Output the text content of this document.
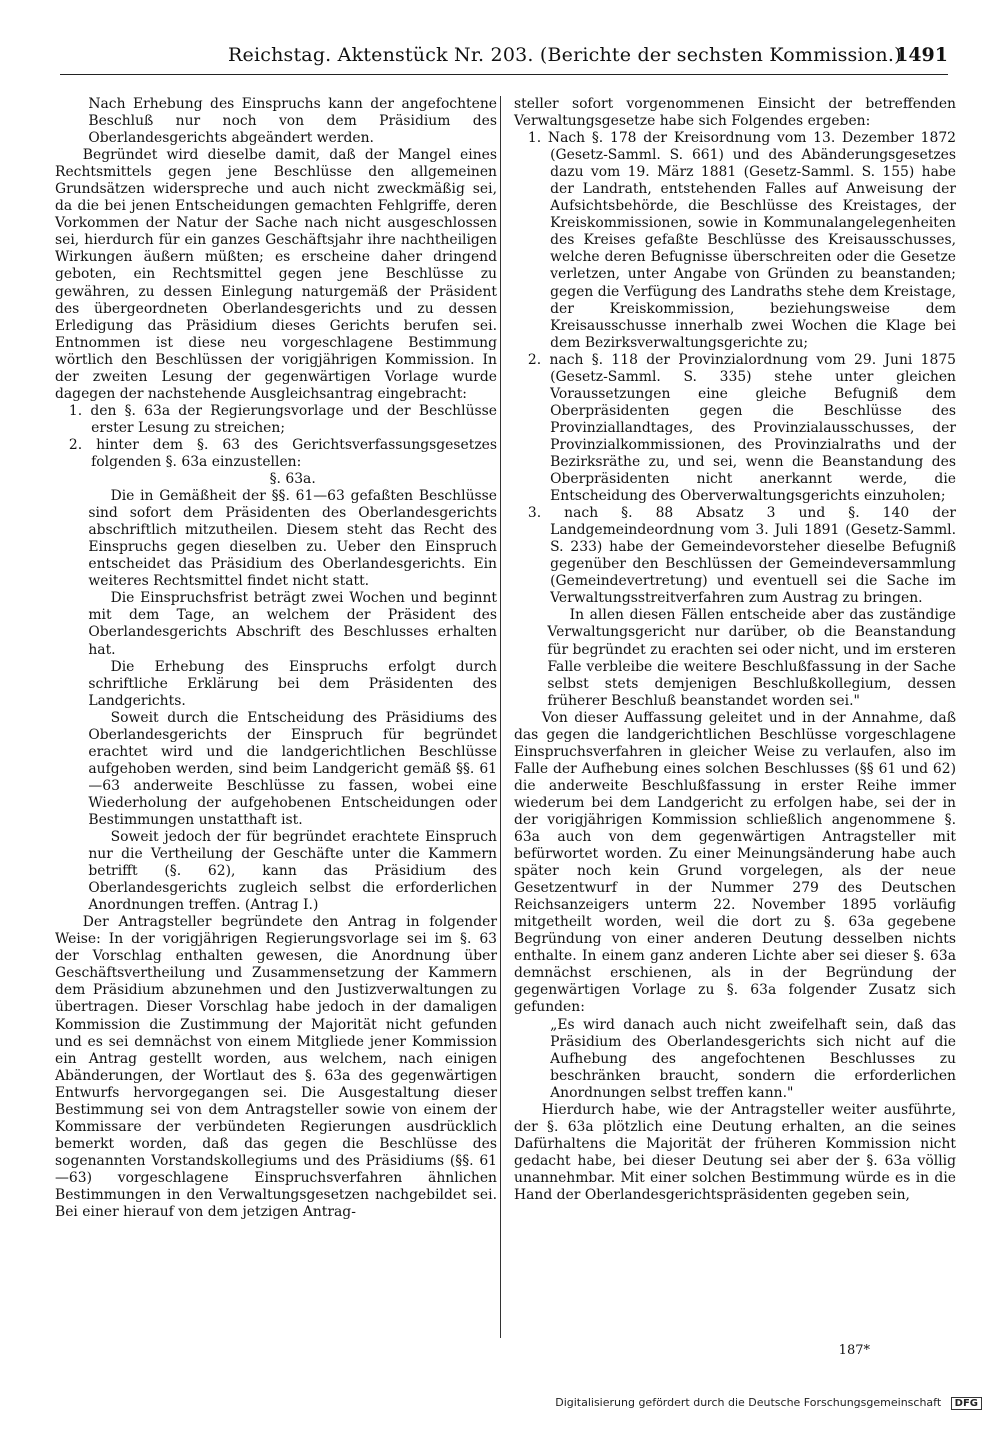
Reichstag. Aktenstück Nr. 203. (Berichte der sechsten Kommission.)
1491

Nach Erhebung des Einspruchs kann der angefochtene Beschluß nur noch von dem Präsidium des Oberlandesgerichts abgeändert werden.

Begründet wird dieselbe damit, daß der Mangel eines Rechtsmittels gegen jene Beschlüsse den allgemeinen Grundsätzen widerspreche und auch nicht zweckmäßig sei, da die bei jenen Entscheidungen gemachten Fehlgriffe, deren Vorkommen der Natur der Sache nach nicht ausgeschlossen sei, hierdurch für ein ganzes Geschäftsjahr ihre nachtheiligen Wirkungen äußern müßten; es erscheine daher dringend geboten, ein Rechtsmittel gegen jene Beschlüsse zu gewähren, zu dessen Einlegung naturgemäß der Präsident des übergeordneten Oberlandesgerichts und zu dessen Erledigung das Präsidium dieses Gerichts berufen sei. Entnommen ist diese neu vorgeschlagene Bestimmung wörtlich den Beschlüssen der vorigjährigen Kommission. In der zweiten Lesung der gegenwärtigen Vorlage wurde dagegen der nachstehende Ausgleichsantrag eingebracht:

1. den §. 63a der Regierungsvorlage und der Beschlüsse erster Lesung zu streichen;

2. hinter dem §. 63 des Gerichtsverfassungsgesetzes folgenden §. 63a einzustellen:

§. 63a.

Die in Gemäßheit der §§. 61—63 gefaßten Beschlüsse sind sofort dem Präsidenten des Oberlandesgerichts abschriftlich mitzutheilen. Diesem steht das Recht des Einspruchs gegen dieselben zu. Ueber den Einspruch entscheidet das Präsidium des Oberlandesgerichts. Ein weiteres Rechtsmittel findet nicht statt.

Die Einspruchsfrist beträgt zwei Wochen und beginnt mit dem Tage, an welchem der Präsident des Oberlandesgerichts Abschrift des Beschlusses erhalten hat.

Die Erhebung des Einspruchs erfolgt durch schriftliche Erklärung bei dem Präsidenten des Landgerichts.

Soweit durch die Entscheidung des Präsidiums des Oberlandesgerichts der Einspruch für begründet erachtet wird und die landgerichtlichen Beschlüsse aufgehoben werden, sind beim Landgericht gemäß §§. 61—63 anderweite Beschlüsse zu fassen, wobei eine Wiederholung der aufgehobenen Entscheidungen oder Bestimmungen unstatthaft ist.

Soweit jedoch der für begründet erachtete Einspruch nur die Vertheilung der Geschäfte unter die Kammern betrifft (§. 62), kann das Präsidium des Oberlandesgerichts zugleich selbst die erforderlichen Anordnungen treffen. (Antrag I.)

Der Antragsteller begründete den Antrag in folgender Weise: In der vorigjährigen Regierungsvorlage sei im §. 63 der Vorschlag enthalten gewesen, die Anordnung über Geschäftsvertheilung und Zusammensetzung der Kammern dem Präsidium abzunehmen und den Justizverwaltungen zu übertragen. Dieser Vorschlag habe jedoch in der damaligen Kommission die Zustimmung der Majorität nicht gefunden und es sei demnächst von einem Mitgliede jener Kommission ein Antrag gestellt worden, aus welchem, nach einigen Abänderungen, der Wortlaut des §. 63a des gegenwärtigen Entwurfs hervorgegangen sei. Die Ausgestaltung dieser Bestimmung sei von dem Antragsteller sowie von einem der Kommissare der verbündeten Regierungen ausdrücklich bemerkt worden, daß das gegen die Beschlüsse des sogenannten Vorstandskollegiums und des Präsidiums (§§. 61—63) vorgeschlagene Einspruchsverfahren ähnlichen Bestimmungen in den Verwaltungsgesetzen nachgebildet sei. Bei einer hierauf von dem jetzigen Antrag-

steller sofort vorgenommenen Einsicht der betreffenden Verwaltungsgesetze habe sich Folgendes ergeben:

1. Nach §. 178 der Kreisordnung vom 13. Dezember 1872 (Gesetz-Samml. S. 661) und des Abänderungsgesetzes dazu vom 19. März 1881 (Gesetz-Samml. S. 155) habe der Landrath, entstehenden Falles auf Anweisung der Aufsichtsbehörde, die Beschlüsse des Kreistages, der Kreiskommissionen, sowie in Kommunalangelegenheiten des Kreises gefaßte Beschlüsse des Kreisausschusses, welche deren Befugnisse überschreiten oder die Gesetze verletzen, unter Angabe von Gründen zu beanstanden; gegen die Verfügung des Landraths stehe dem Kreistage, der Kreiskommission, beziehungsweise dem Kreisausschusse innerhalb zwei Wochen die Klage bei dem Bezirksverwaltungsgerichte zu;

2. nach §. 118 der Provinzialordnung vom 29. Juni 1875 (Gesetz-Samml. S. 335) stehe unter gleichen Voraussetzungen eine gleiche Befugniß dem Oberpräsidenten gegen die Beschlüsse des Provinziallandtages, des Provinzialausschusses, der Provinzialkommissionen, des Provinzialraths und der Bezirksräthe zu, und sei, wenn die Beanstandung des Oberpräsidenten nicht anerkannt werde, die Entscheidung des Oberverwaltungsgerichts einzuholen;

3. nach §. 88 Absatz 3 und §. 140 der Landgemeindeordnung vom 3. Juli 1891 (Gesetz-Samml. S. 233) habe der Gemeindevorsteher dieselbe Befugniß gegenüber den Beschlüssen der Gemeindeversammlung (Gemeindevertretung) und eventuell sei die Sache im Verwaltungsstreitverfahren zum Austrag zu bringen.

In allen diesen Fällen entscheide aber das zuständige Verwaltungsgericht nur darüber, ob die Beanstandung für begründet zu erachten sei oder nicht, und im ersteren Falle verbleibe die weitere Beschlußfassung in der Sache selbst stets demjenigen Beschlußkollegium, dessen früherer Beschluß beanstandet worden sei."

Von dieser Auffassung geleitet und in der Annahme, daß das gegen die landgerichtlichen Beschlüsse vorgeschlagene Einspruchsverfahren in gleicher Weise zu verlaufen, also im Falle der Aufhebung eines solchen Beschlusses (§§ 61 und 62) die anderweite Beschlußfassung in erster Reihe immer wiederum bei dem Landgericht zu erfolgen habe, sei der in der vorigjährigen Kommission schließlich angenommene §. 63a auch von dem gegenwärtigen Antragsteller mit befürwortet worden. Zu einer Meinungsänderung habe auch später noch kein Grund vorgelegen, als der neue Gesetzentwurf in der Nummer 279 des Deutschen Reichsanzeigers unterm 22. November 1895 vorläufig mitgetheilt worden, weil die dort zu §. 63a gegebene Begründung von einer anderen Deutung desselben nichts enthalte. In einem ganz anderen Lichte aber sei dieser §. 63a demnächst erschienen, als in der Begründung der gegenwärtigen Vorlage zu §. 63a folgender Zusatz sich gefunden:

„Es wird danach auch nicht zweifelhaft sein, daß das Präsidium des Oberlandesgerichts sich nicht auf die Aufhebung des angefochtenen Beschlusses zu beschränken braucht, sondern die erforderlichen Anordnungen selbst treffen kann."

Hierdurch habe, wie der Antragsteller weiter ausführte, der §. 63a plötzlich eine Deutung erhalten, an die seines Dafürhaltens die Majorität der früheren Kommission nicht gedacht habe, bei dieser Deutung sei aber der §. 63a völlig unannehmbar. Mit einer solchen Bestimmung würde es in die Hand der Oberlandesgerichtspräsidenten gegeben sein,

187*
Digitalisierung gefördert durch die Deutsche Forschungsgemeinschaft DFG
